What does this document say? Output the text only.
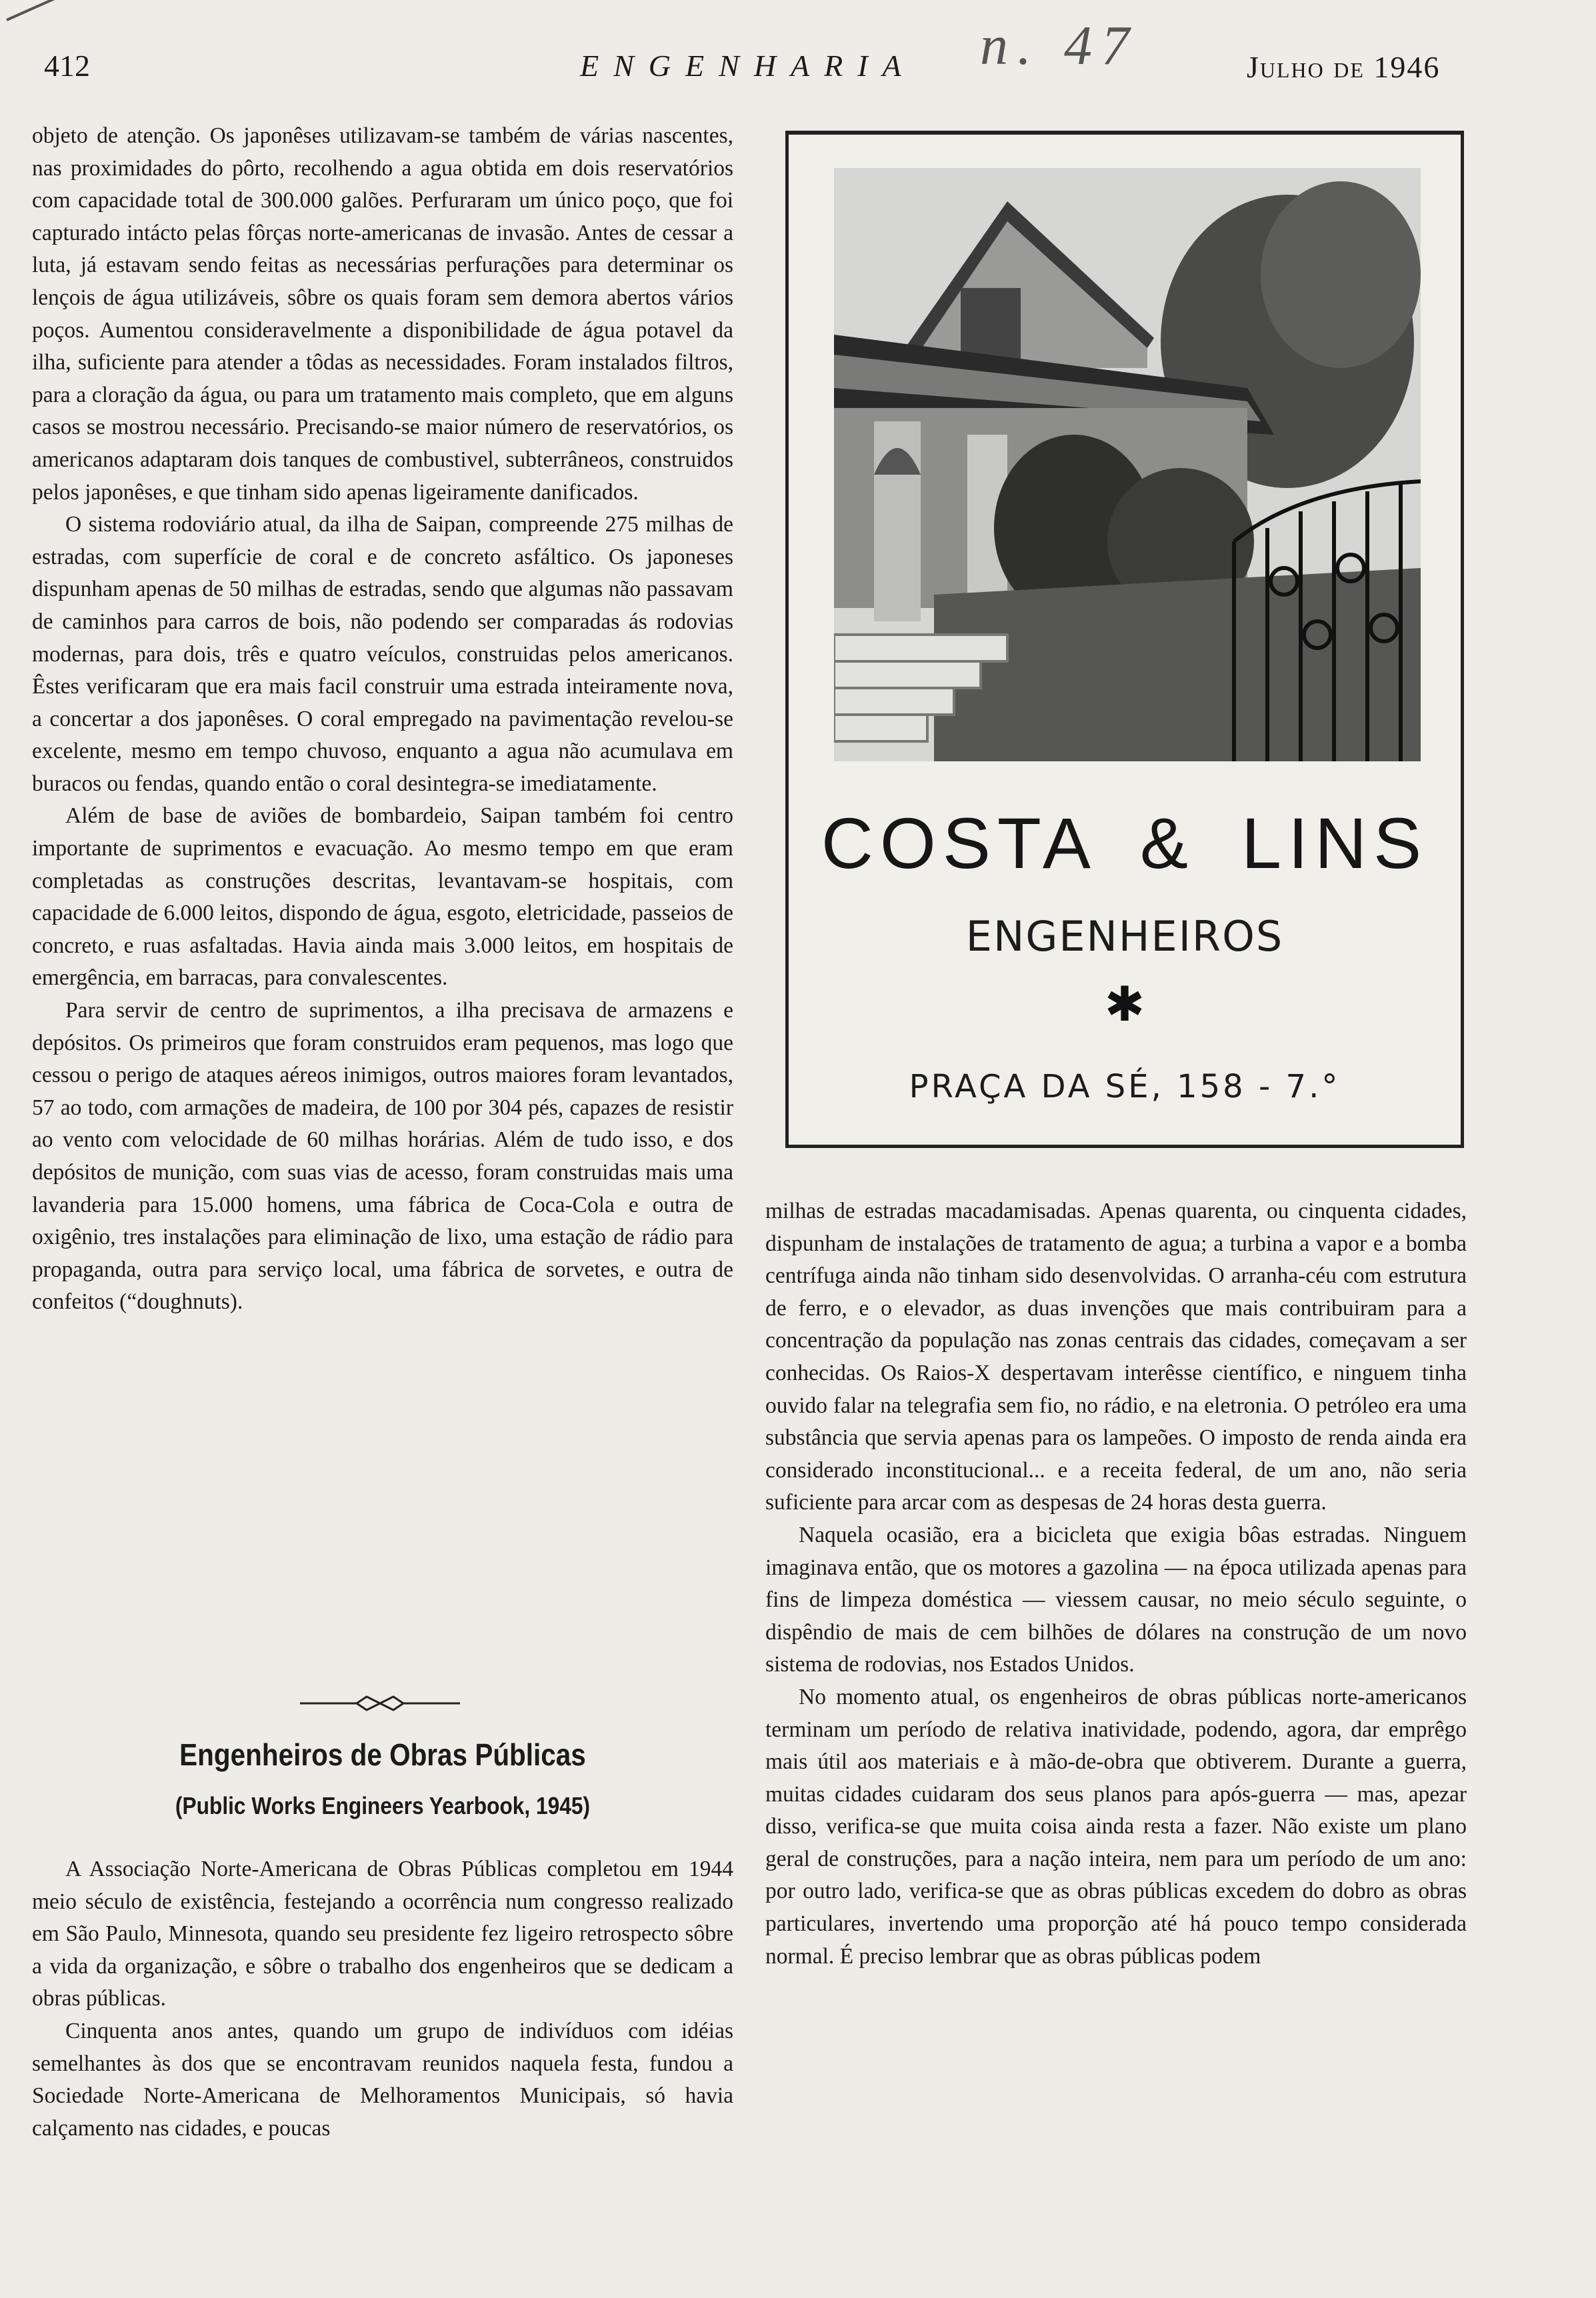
412	ENGENHARIA n. 47	Julho de 1946

objeto de atenção. Os japonêses utilizavam-se também de várias nascentes, nas proximidades do pôrto, recolhendo a agua obtida em dois reservatórios com capacidade total de 300.000 galões. Perfuraram um único poço, que foi capturado intácto pelas fôrças norte-americanas de invasão. Antes de cessar a luta, já estavam sendo feitas as necessárias perfurações para determinar os lençois de água utilizáveis, sôbre os quais foram sem demora abertos vários poços. Aumentou consideravelmente a disponibilidade de água potavel da ilha, suficiente para atender a tôdas as necessidades. Foram instalados filtros, para a cloração da água, ou para um tratamento mais completo, que em alguns casos se mostrou necessário. Precisando-se maior número de reservatórios, os americanos adaptaram dois tanques de combustivel, subterrâneos, construidos pelos japonêses, e que tinham sido apenas ligeiramente danificados.

O sistema rodoviário atual, da ilha de Saipan, compreende 275 milhas de estradas, com superfície de coral e de concreto asfáltico. Os japoneses dispunham apenas de 50 milhas de estradas, sendo que algumas não passavam de caminhos para carros de bois, não podendo ser comparadas ás rodovias modernas, para dois, três e quatro veículos, construidas pelos americanos. Êstes verificaram que era mais facil construir uma estrada inteiramente nova, a concertar a dos japonêses. O coral empregado na pavimentação revelou-se excelente, mesmo em tempo chuvoso, enquanto a agua não acumulava em buracos ou fendas, quando então o coral desintegra-se imediatamente.

Além de base de aviões de bombardeio, Saipan também foi centro importante de suprimentos e evacuação. Ao mesmo tempo em que eram completadas as construções descritas, levantavam-se hospitais, com capacidade de 6.000 leitos, dispondo de água, esgoto, eletricidade, passeios de concreto, e ruas asfaltadas. Havia ainda mais 3.000 leitos, em hospitais de emergência, em barracas, para convalescentes.

Para servir de centro de suprimentos, a ilha precisava de armazens e depósitos. Os primeiros que foram construidos eram pequenos, mas logo que cessou o perigo de ataques aéreos inimigos, outros maiores foram levantados, 57 ao todo, com armações de madeira, de 100 por 304 pés, capazes de resistir ao vento com velocidade de 60 milhas horárias. Além de tudo isso, e dos depósitos de munição, com suas vias de acesso, foram construidas mais uma lavanderia para 15.000 homens, uma fábrica de Coca-Cola e outra de oxigênio, tres instalações para eliminação de lixo, uma estação de rádio para propaganda, outra para serviço local, uma fábrica de sorvetes, e outra de confeitos (“doughnuts).

Engenheiros de Obras Públicas
(Public Works Engineers Yearbook, 1945)

A Associação Norte-Americana de Obras Públicas completou em 1944 meio século de existência, festejando a ocorrência num congresso realizado em São Paulo, Minnesota, quando seu presidente fez ligeiro retrospecto sôbre a vida da organização, e sôbre o trabalho dos engenheiros que se dedicam a obras públicas.

Cinquenta anos antes, quando um grupo de indivíduos com idéias semelhantes às dos que se encontravam reunidos naquela festa, fundou a Sociedade Norte-Americana de Melhoramentos Municipais, só havia calçamento nas cidades, e poucas

COSTA & LINS
ENGENHEIROS
✱
PRAÇA DA SÉ, 158 - 7.°

milhas de estradas macadamisadas. Apenas quarenta, ou cinquenta cidades, dispunham de instalações de tratamento de agua; a turbina a vapor e a bomba centrífuga ainda não tinham sido desenvolvidas. O arranha-céu com estrutura de ferro, e o elevador, as duas invenções que mais contribuiram para a concentração da população nas zonas centrais das cidades, começavam a ser conhecidas. Os Raios-X despertavam interêsse científico, e ninguem tinha ouvido falar na telegrafia sem fio, no rádio, e na eletronia. O petróleo era uma substância que servia apenas para os lampeões. O imposto de renda ainda era considerado inconstitucional... e a receita federal, de um ano, não seria suficiente para arcar com as despesas de 24 horas desta guerra.

Naquela ocasião, era a bicicleta que exigia bôas estradas. Ninguem imaginava então, que os motores a gazolina — na época utilizada apenas para fins de limpeza doméstica — viessem causar, no meio século seguinte, o dispêndio de mais de cem bilhões de dólares na construção de um novo sistema de rodovias, nos Estados Unidos.

No momento atual, os engenheiros de obras públicas norte-americanos terminam um período de relativa inatividade, podendo, agora, dar emprêgo mais útil aos materiais e à mão-de-obra que obtiverem. Durante a guerra, muitas cidades cuidaram dos seus planos para após-guerra — mas, apezar disso, verifica-se que muita coisa ainda resta a fazer. Não existe um plano geral de construções, para a nação inteira, nem para um período de um ano: por outro lado, verifica-se que as obras públicas excedem do dobro as obras particulares, invertendo uma proporção até há pouco tempo considerada normal. É preciso lembrar que as obras públicas podem
